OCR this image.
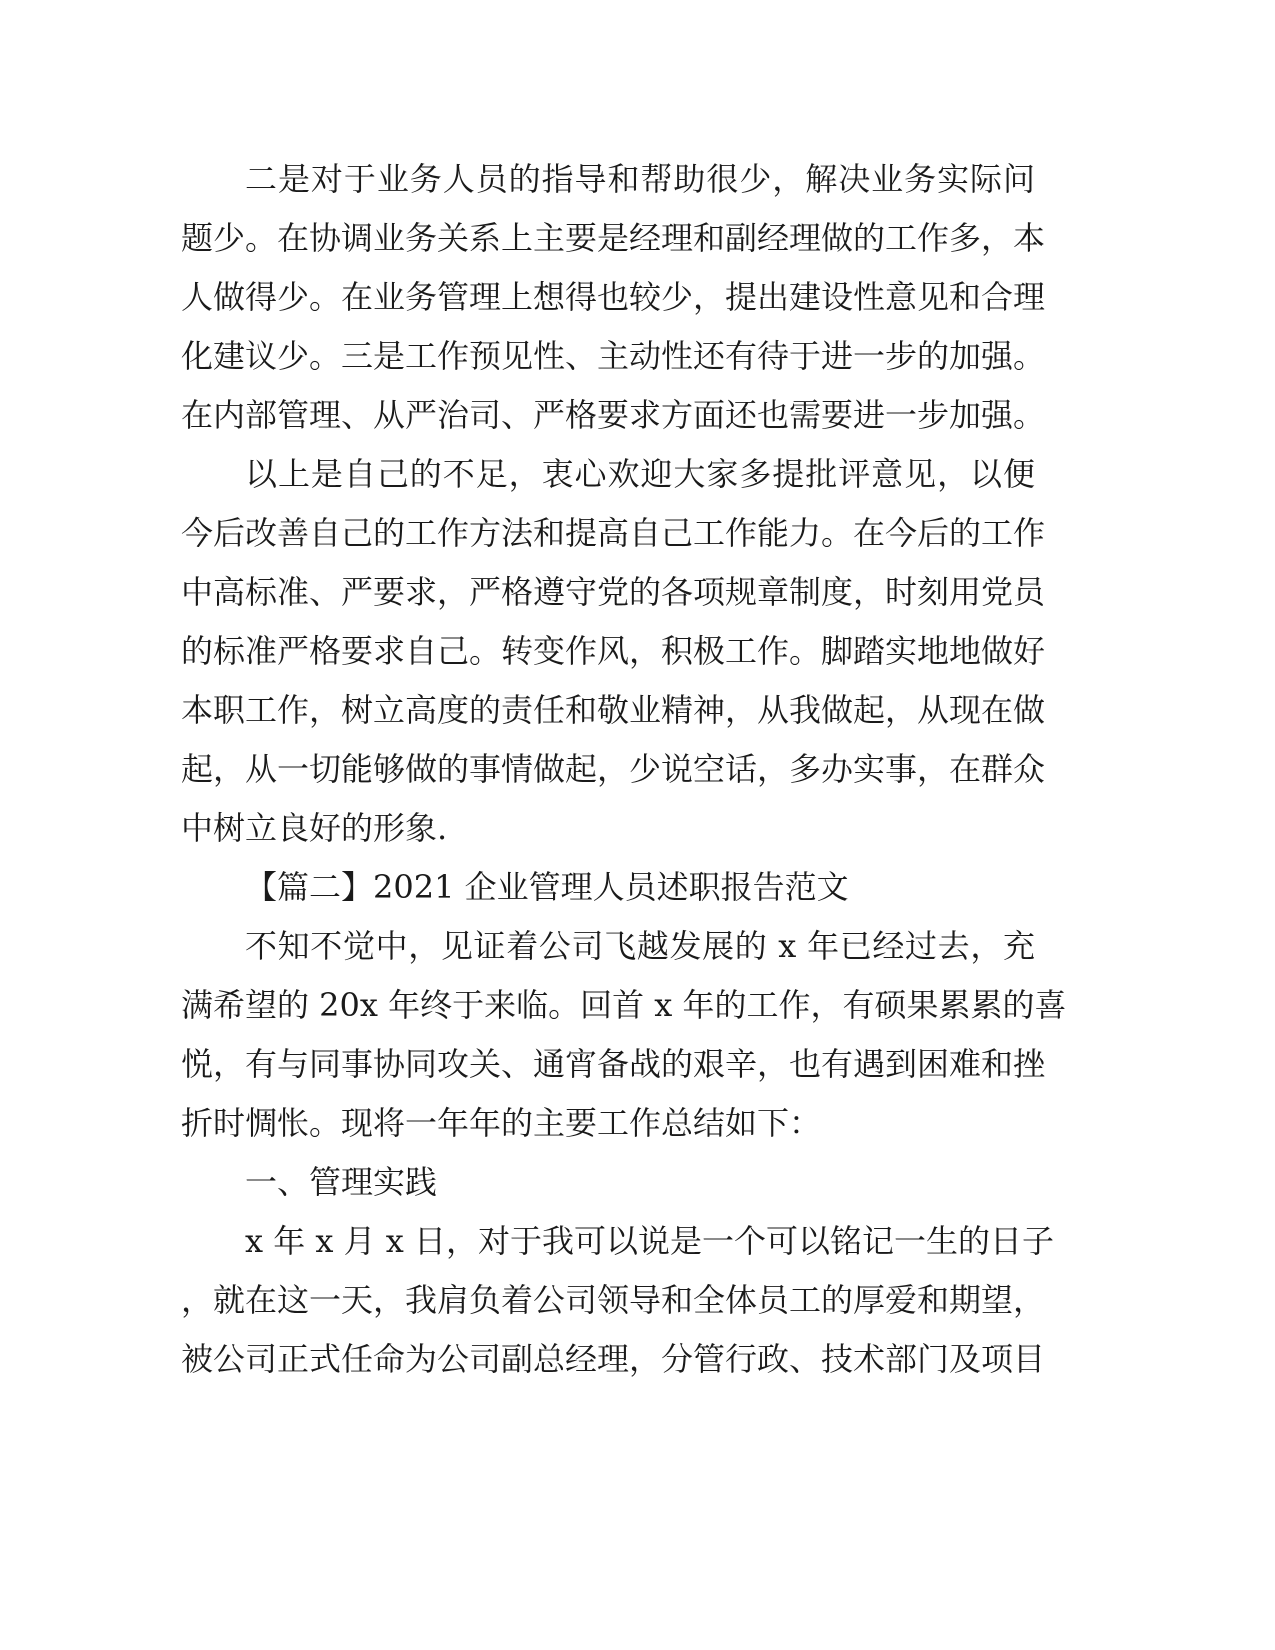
二是对于业务人员的指导和帮助很少，解决业务实际问
题少。在协调业务关系上主要是经理和副经理做的工作多，本
人做得少。在业务管理上想得也较少，提出建设性意见和合理
化建议少。三是工作预见性、主动性还有待于进一步的加强。
在内部管理、从严治司、严格要求方面还也需要进一步加强。
以上是自己的不足，衷心欢迎大家多提批评意见，以便
今后改善自己的工作方法和提高自己工作能力。在今后的工作
中高标准、严要求，严格遵守党的各项规章制度，时刻用党员
的标准严格要求自己。转变作风，积极工作。脚踏实地地做好
本职工作，树立高度的责任和敬业精神，从我做起，从现在做
起，从一切能够做的事情做起，少说空话，多办实事，在群众
中树立良好的形象.
【篇二】2021 企业管理人员述职报告范文
不知不觉中，见证着公司飞越发展的 x 年已经过去，充
满希望的 20x 年终于来临。回首 x 年的工作，有硕果累累的喜
悦，有与同事协同攻关、通宵备战的艰辛，也有遇到困难和挫
折时惆怅。现将一年年的主要工作总结如下：
一、管理实践
x 年 x 月 x 日，对于我可以说是一个可以铭记一生的日子
，就在这一天，我肩负着公司领导和全体员工的厚爱和期望，
被公司正式任命为公司副总经理，分管行政、技术部门及项目
